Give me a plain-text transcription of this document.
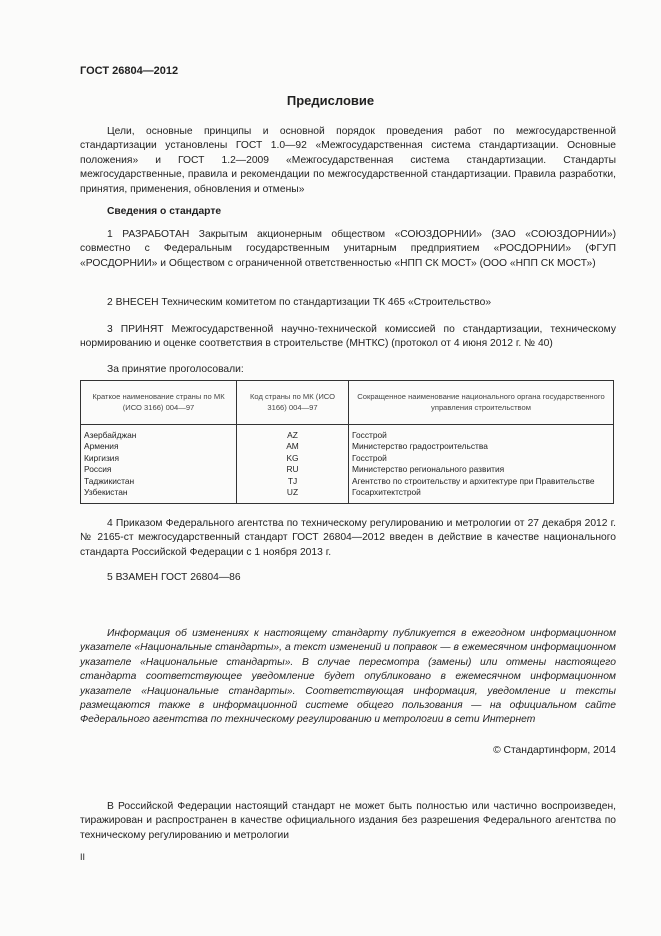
ГОСТ 26804—2012
Предисловие
Цели, основные принципы и основной порядок проведения работ по межгосударственной стандартизации установлены ГОСТ 1.0—92 «Межгосударственная система стандартизации. Основные положения» и ГОСТ 1.2—2009 «Межгосударственная система стандартизации. Стандарты межгосударственные, правила и рекомендации по межгосударственной стандартизации. Правила разработки, принятия, применения, обновления и отмены»
Сведения о стандарте
1 РАЗРАБОТАН Закрытым акционерным обществом «СОЮЗДОРНИИ» (ЗАО «СОЮЗДОРНИИ») совместно с Федеральным государственным унитарным предприятием «РОСДОРНИИ» (ФГУП «РОСДОРНИИ» и Обществом с ограниченной ответственностью «НПП СК МОСТ» (ООО «НПП СК МОСТ»)
2 ВНЕСЕН Техническим комитетом по стандартизации ТК 465 «Строительство»
3 ПРИНЯТ Межгосударственной научно-технической комиссией по стандартизации, техническому нормированию и оценке соответствия в строительстве (МНТКС) (протокол от 4 июня 2012 г. № 40)
За принятие проголосовали:
Краткое наименование страны по МК (ИСО 3166) 004—97	Код страны по МК (ИСО 3166) 004—97	Сокращенное наименование национального органа государственного управления строительством
Азербайджан	AZ	Госстрой
Армения	AM	Министерство градостроительства
Киргизия	KG	Госстрой
Россия	RU	Министерство регионального развития
Таджикистан	TJ	Агентство по строительству и архитектуре при Правительстве
Узбекистан	UZ	Госархитектстрой
4 Приказом Федерального агентства по техническому регулированию и метрологии от 27 декабря 2012 г. № 2165-ст межгосударственный стандарт ГОСТ 26804—2012 введен в действие в качестве национального стандарта Российской Федерации с 1 ноября 2013 г.
5 ВЗАМЕН ГОСТ 26804—86
Информация об изменениях к настоящему стандарту публикуется в ежегодном информационном указателе «Национальные стандарты», а текст изменений и поправок — в ежемесячном информационном указателе «Национальные стандарты». В случае пересмотра (замены) или отмены настоящего стандарта соответствующее уведомление будет опубликовано в ежемесячном информационном указателе «Национальные стандарты». Соответствующая информация, уведомление и тексты размещаются также в информационной системе общего пользования — на официальном сайте Федерального агентства по техническому регулированию и метрологии в сети Интернет
© Стандартинформ, 2014
В Российской Федерации настоящий стандарт не может быть полностью или частично воспроизведен, тиражирован и распространен в качестве официального издания без разрешения Федерального агентства по техническому регулированию и метрологии
II
